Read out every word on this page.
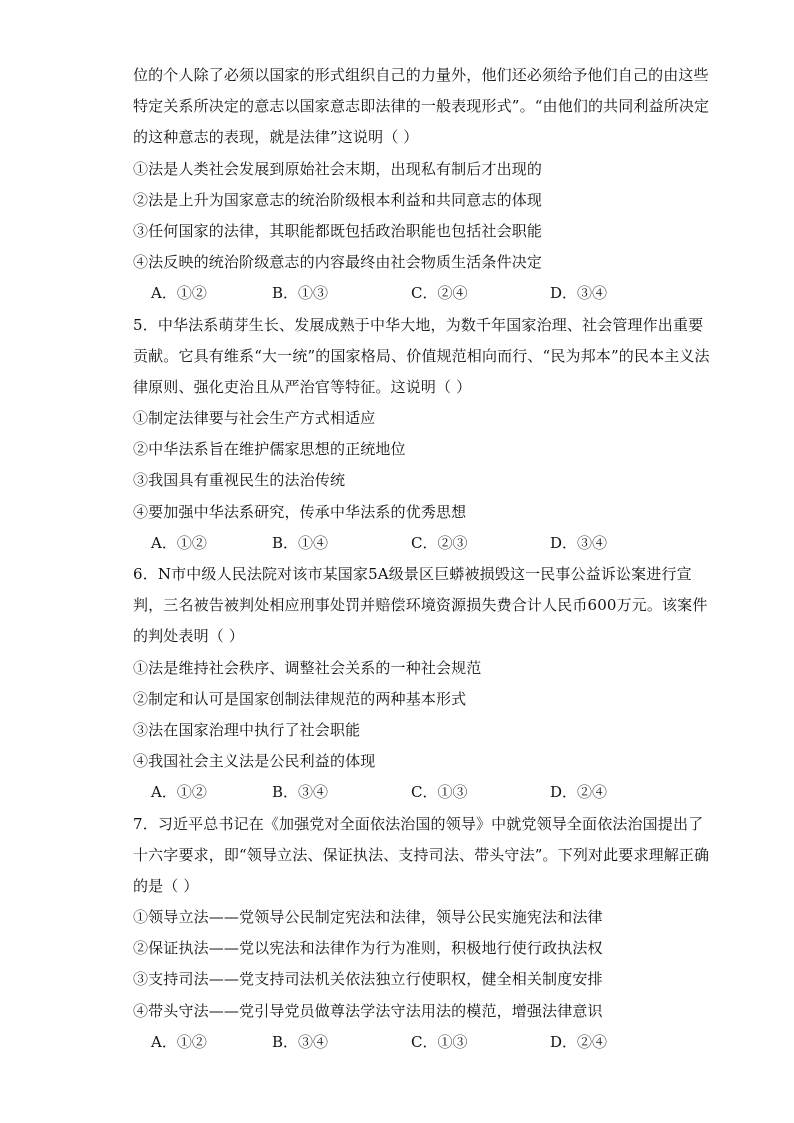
位的个人除了必须以国家的形式组织自己的力量外，他们还必须给予他们自己的由这些
特定关系所决定的意志以国家意志即法律的一般表现形式”。“由他们的共同利益所决定
的这种意志的表现，就是法律”这说明（ ）
①法是人类社会发展到原始社会末期，出现私有制后才出现的
②法是上升为国家意志的统治阶级根本利益和共同意志的体现
③任何国家的法律，其职能都既包括政治职能也包括社会职能
④法反映的统治阶级意志的内容最终由社会物质生活条件决定
A．①②	B．①③	C．②④	D．③④
5．中华法系萌芽生长、发展成熟于中华大地，为数千年国家治理、社会管理作出重要
贡献。它具有维系“大一统”的国家格局、价值规范相向而行、“民为邦本”的民本主义法
律原则、强化吏治且从严治官等特征。这说明（ ）
①制定法律要与社会生产方式相适应
②中华法系旨在维护儒家思想的正统地位
③我国具有重视民生的法治传统
④要加强中华法系研究，传承中华法系的优秀思想
A．①②	B．①④	C．②③	D．③④
6．N市中级人民法院对该市某国家5A级景区巨蟒被损毁这一民事公益诉讼案进行宣
判，三名被告被判处相应刑事处罚并赔偿环境资源损失费合计人民币600万元。该案件
的判处表明（ ）
①法是维持社会秩序、调整社会关系的一种社会规范
②制定和认可是国家创制法律规范的两种基本形式
③法在国家治理中执行了社会职能
④我国社会主义法是公民利益的体现
A．①②	B．③④	C．①③	D．②④
7．习近平总书记在《加强党对全面依法治国的领导》中就党领导全面依法治国提出了
十六字要求，即“领导立法、保证执法、支持司法、带头守法”。下列对此要求理解正确
的是（ ）
①领导立法——党领导公民制定宪法和法律，领导公民实施宪法和法律
②保证执法——党以宪法和法律作为行为准则，积极地行使行政执法权
③支持司法——党支持司法机关依法独立行使职权，健全相关制度安排
④带头守法——党引导党员做尊法学法守法用法的模范，增强法律意识
A．①②	B．③④	C．①③	D．②④
